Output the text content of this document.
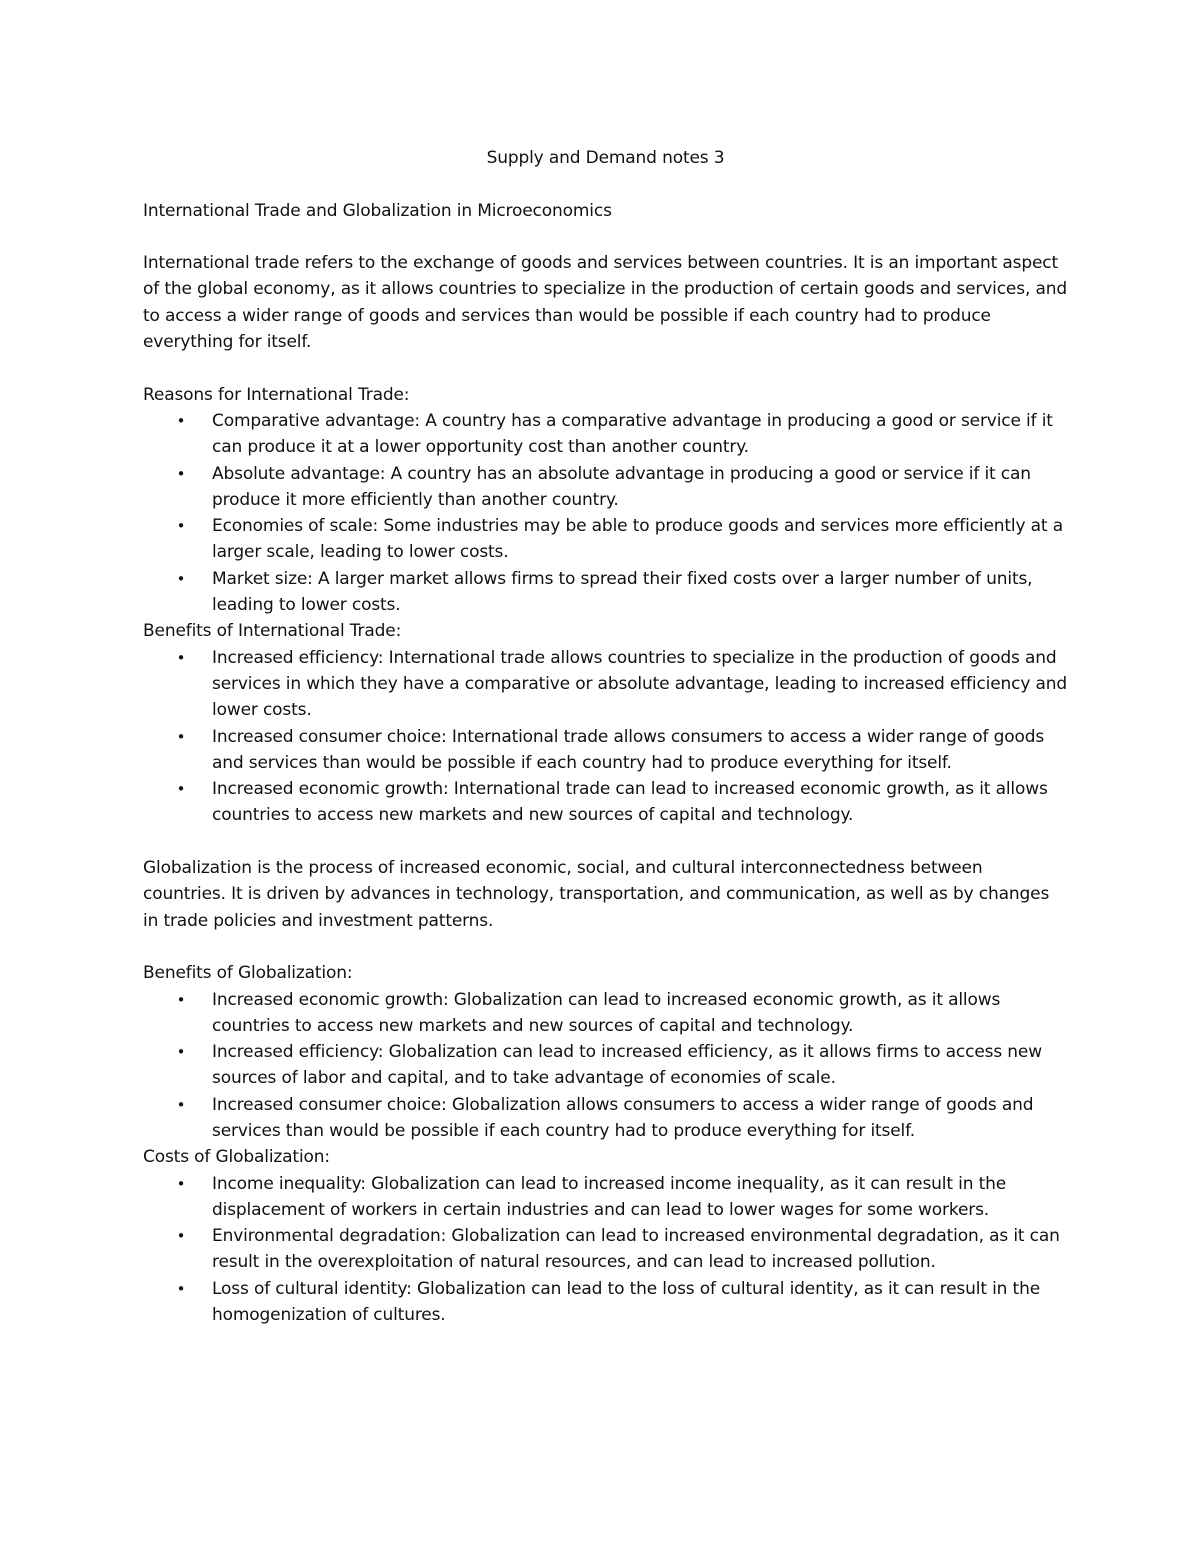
Supply and Demand notes 3

International Trade and Globalization in Microeconomics

International trade refers to the exchange of goods and services between countries. It is an important aspect of the global economy, as it allows countries to specialize in the production of certain goods and services, and to access a wider range of goods and services than would be possible if each country had to produce everything for itself.

Reasons for International Trade:

•	Comparative advantage: A country has a comparative advantage in producing a good or service if it can produce it at a lower opportunity cost than another country.
•	Absolute advantage: A country has an absolute advantage in producing a good or service if it can produce it more efficiently than another country.
•	Economies of scale: Some industries may be able to produce goods and services more efficiently at a larger scale, leading to lower costs.
•	Market size: A larger market allows firms to spread their fixed costs over a larger number of units, leading to lower costs.

Benefits of International Trade:

•	Increased efficiency: International trade allows countries to specialize in the production of goods and services in which they have a comparative or absolute advantage, leading to increased efficiency and lower costs.
•	Increased consumer choice: International trade allows consumers to access a wider range of goods and services than would be possible if each country had to produce everything for itself.
•	Increased economic growth: International trade can lead to increased economic growth, as it allows countries to access new markets and new sources of capital and technology.

Globalization is the process of increased economic, social, and cultural interconnectedness between countries. It is driven by advances in technology, transportation, and communication, as well as by changes in trade policies and investment patterns.

Benefits of Globalization:

•	Increased economic growth: Globalization can lead to increased economic growth, as it allows countries to access new markets and new sources of capital and technology.
•	Increased efficiency: Globalization can lead to increased efficiency, as it allows firms to access new sources of labor and capital, and to take advantage of economies of scale.
•	Increased consumer choice: Globalization allows consumers to access a wider range of goods and services than would be possible if each country had to produce everything for itself.

Costs of Globalization:

•	Income inequality: Globalization can lead to increased income inequality, as it can result in the displacement of workers in certain industries and can lead to lower wages for some workers.
•	Environmental degradation: Globalization can lead to increased environmental degradation, as it can result in the overexploitation of natural resources, and can lead to increased pollution.
•	Loss of cultural identity: Globalization can lead to the loss of cultural identity, as it can result in the homogenization of cultures.
